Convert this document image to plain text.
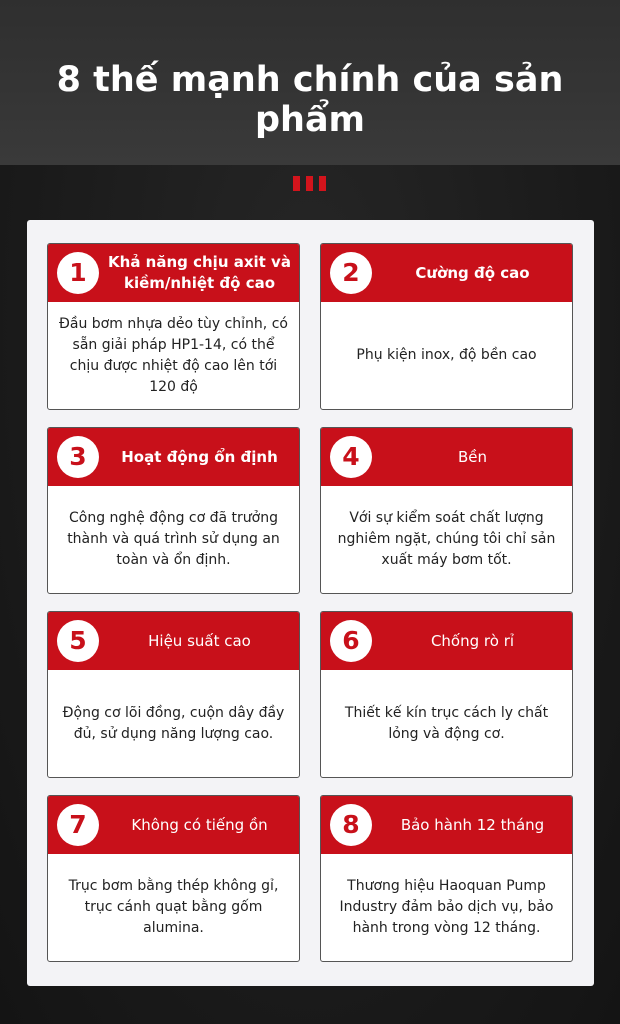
8 thế mạnh chính của sản phẩm
1	Khả năng chịu axit và kiềm/nhiệt độ cao
Đầu bơm nhựa dẻo tùy chỉnh, có sẵn giải pháp HP1-14, có thể chịu được nhiệt độ cao lên tới 120 độ
2	Cường độ cao
Phụ kiện inox, độ bền cao
3	Hoạt động ổn định
Công nghệ động cơ đã trưởng thành và quá trình sử dụng an toàn và ổn định.
4	Bền
Với sự kiểm soát chất lượng nghiêm ngặt, chúng tôi chỉ sản xuất máy bơm tốt.
5	Hiệu suất cao
Động cơ lõi đồng, cuộn dây đầy đủ, sử dụng năng lượng cao.
6	Chống rò rỉ
Thiết kế kín trục cách ly chất lỏng và động cơ.
7	Không có tiếng ồn
Trục bơm bằng thép không gỉ, trục cánh quạt bằng gốm alumina.
8	Bảo hành 12 tháng
Thương hiệu Haoquan Pump Industry đảm bảo dịch vụ, bảo hành trong vòng 12 tháng.
